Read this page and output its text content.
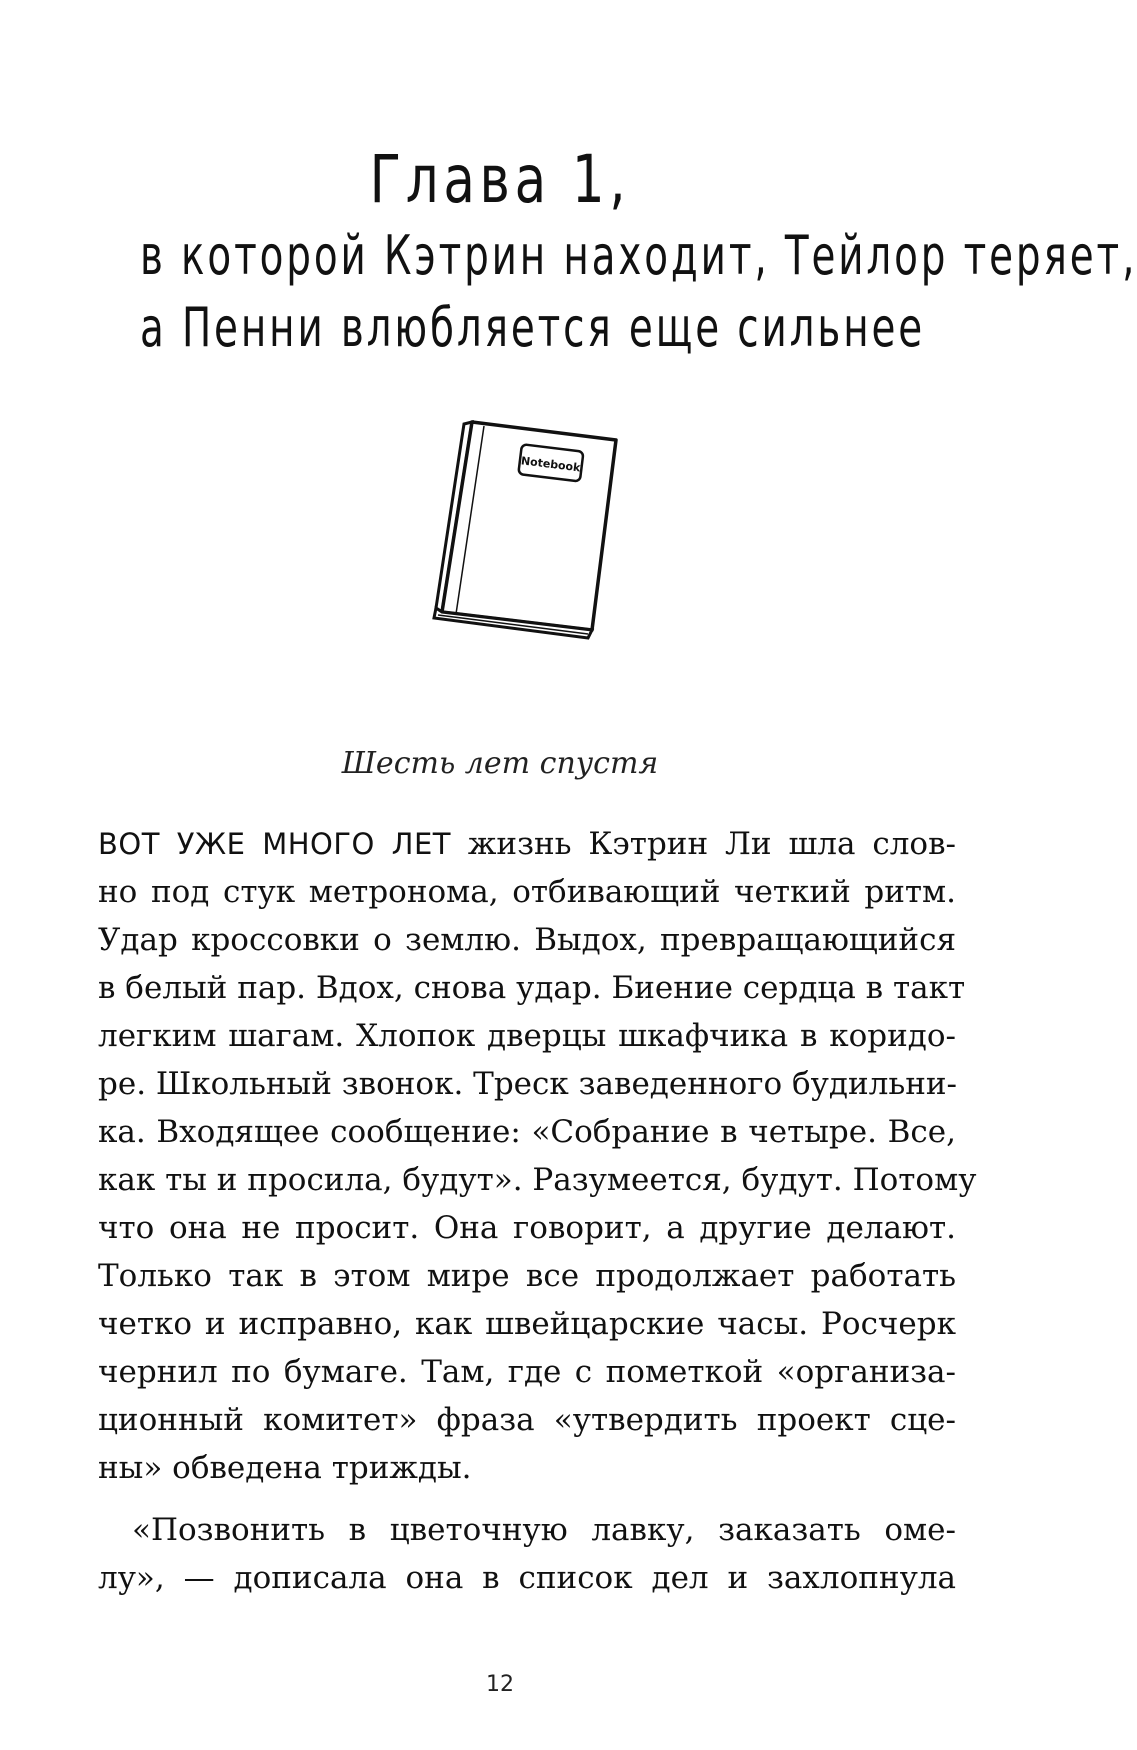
Глава 1,
в которой Кэтрин находит, Тейлор теряет,
а Пенни влюбляется еще сильнее
Notebook
Шесть лет спустя
ВОТ УЖЕ МНОГО ЛЕТ жизнь Кэтрин Ли шла слов-
но под стук метронома, отбивающий четкий ритм.
Удар кроссовки о землю. Выдох, превращающийся
в белый пар. Вдох, снова удар. Биение сердца в такт
легким шагам. Хлопок дверцы шкафчика в коридо-
ре. Школьный звонок. Треск заведенного будильни-
ка. Входящее сообщение: «Собрание в четыре. Все,
как ты и просила, будут». Разумеется, будут. Потому
что она не просит. Она говорит, а другие делают.
Только так в этом мире все продолжает работать
четко и исправно, как швейцарские часы. Росчерк
чернил по бумаге. Там, где с пометкой «организа-
ционный комитет» фраза «утвердить проект сце-
ны» обведена трижды.
«Позвонить в цветочную лавку, заказать оме-
лу», — дописала она в список дел и захлопнула
12
